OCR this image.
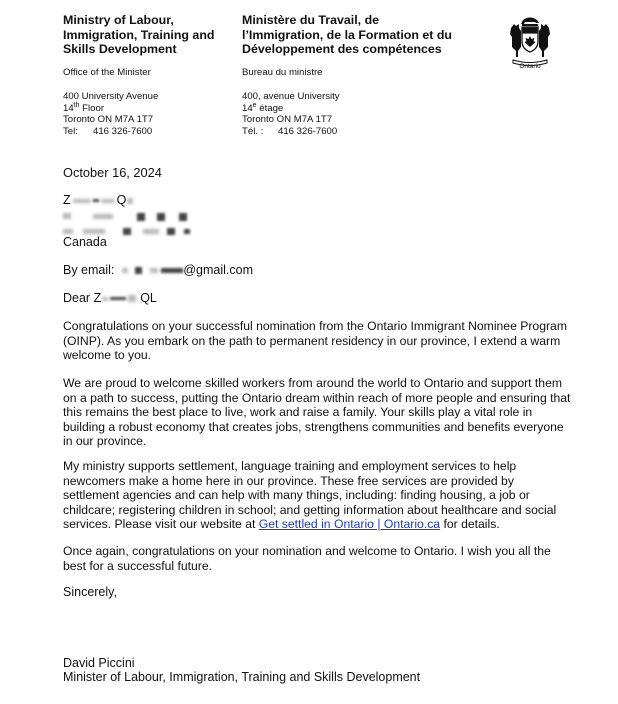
Ministry of Labour,
Immigration, Training and
Skills Development
Office of the Minister
400 University Avenue
14th Floor
Toronto ON M7A 1T7
Tel: 416 326-7600
Ministère du Travail, de
l’Immigration, de la Formation et du
Développement des compétences
Bureau du ministre
400, avenue University
14e étage
Toronto ON M7A 1T7
Tél. : 416 326-7600
Ontario
October 16, 2024
Z	Q
Canada
By email:	@gmail.com
Dear Z	QL

Congratulations on your successful nomination from the Ontario Immigrant Nominee Program (OINP). As you embark on the path to permanent residency in our province, I extend a warm welcome to you.

We are proud to welcome skilled workers from around the world to Ontario and support them on a path to success, putting the Ontario dream within reach of more people and ensuring that this remains the best place to live, work and raise a family. Your skills play a vital role in building a robust economy that creates jobs, strengthens communities and benefits everyone in our province.

My ministry supports settlement, language training and employment services to help newcomers make a home here in our province. These free services are provided by settlement agencies and can help with many things, including: finding housing, a job or childcare; registering children in school; and getting information about healthcare and social services. Please visit our website at Get settled in Ontario | Ontario.ca for details.

Once again, congratulations on your nomination and welcome to Ontario. I wish you all the best for a successful future.

Sincerely,
David Piccini
Minister of Labour, Immigration, Training and Skills Development
